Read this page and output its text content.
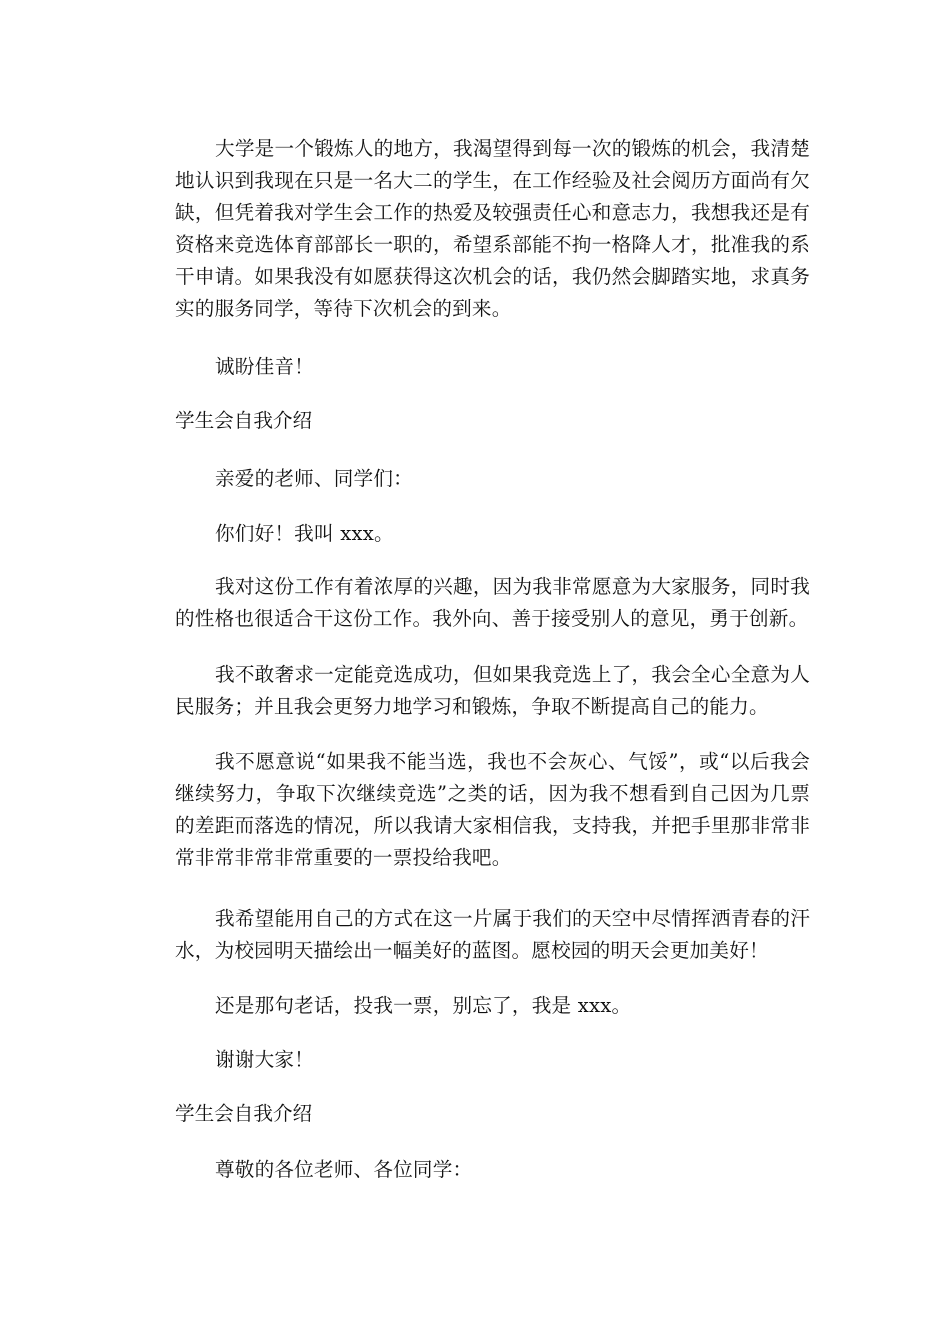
大学是一个锻炼人的地方，我渴望得到每一次的锻炼的机会，我清楚地认识到我现在只是一名大二的学生，在工作经验及社会阅历方面尚有欠缺，但凭着我对学生会工作的热爱及较强责任心和意志力，我想我还是有资格来竞选体育部部长一职的，希望系部能不拘一格降人才，批准我的系干申请。如果我没有如愿获得这次机会的话，我仍然会脚踏实地，求真务实的服务同学，等待下次机会的到来。

诚盼佳音！

学生会自我介绍

亲爱的老师、同学们：

你们好！我叫 xxx。

我对这份工作有着浓厚的兴趣，因为我非常愿意为大家服务，同时我的性格也很适合干这份工作。我外向、善于接受别人的意见，勇于创新。

我不敢奢求一定能竞选成功，但如果我竞选上了，我会全心全意为人民服务；并且我会更努力地学习和锻炼，争取不断提高自己的能力。

我不愿意说“如果我不能当选，我也不会灰心、气馁”，或“以后我会继续努力，争取下次继续竞选”之类的话，因为我不想看到自己因为几票的差距而落选的情况，所以我请大家相信我，支持我，并把手里那非常非常非常非常非常重要的一票投给我吧。

我希望能用自己的方式在这一片属于我们的天空中尽情挥洒青春的汗水，为校园明天描绘出一幅美好的蓝图。愿校园的明天会更加美好！

还是那句老话，投我一票，别忘了，我是 xxx。

谢谢大家！

学生会自我介绍

尊敬的各位老师、各位同学：
